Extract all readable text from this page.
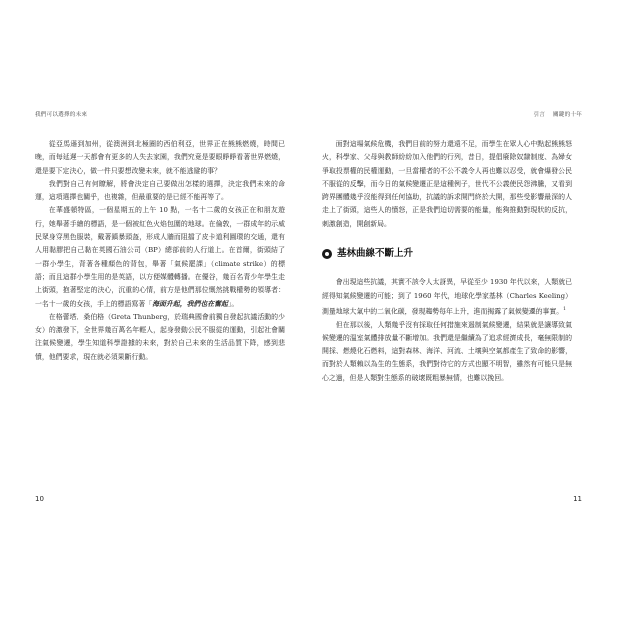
我們可以選擇的未來

從亞馬遜到加州，從澳洲到北極圈的西伯利亞，世界正在熊熊燃燒，時間已晚，而每延遲一天都會有更多的人失去家園，我們究竟是要眼睜睜看著世界燃燒，還是要下定決心，做一件只要想改變未來，就不能逃避的事？

我們對自己有何瞭解，將會決定自己要做出怎樣的選擇，決定我們未來的命運，這項選擇也關乎，也複雜，但最重要的是已經不能再等了。

在華盛頓特區，一個星期五的上午 10 點，一名十二歲的女孩正在和朋友遊行，她舉著手繪的標語，是一個被紅色火焰包圍的地球。在倫敦，一群成年的示威民眾身穿黑色服裝，戴著鎮暴頭盔，形成人牆而阻擋了皮卡道利圓環的交通，還有人用黏膠把自己黏在英國石油公司（BP）總部前的人行道上。在首爾，街頭結了一群小學生，背著各種顏色的背包，舉著「氣候罷課」（climate strike）的標語；而且這群小學生用的是英語，以方便媒體轉播。在優谷，幾百名青少年學生走上街頭，抱著堅定的決心，沉重的心情，前方是他們那位慨然挑戰權勢的領導者：一名十一歲的女孩，手上的標語寫著「海面升起，我們也在奮起」。

在格蕾塔．桑伯格（Greta Thunberg，於瑞典國會前獨自發起抗議活動的少女）的激發下，全世界幾百萬名年輕人，起身發動公民不服從的運動，引起社會關注氣候變遷，學生知道科學證據的未來，對於自己未來的生活品質下降，感到悲憤，他們要求，現在就必須果斷行動。

10
引言 關鍵的十年

面對這場氣候危機，我們目前的努力還遠不足，而學生在眾人心中點起熊熊怒火，科學家、父母與教師紛紛加入他們的行列，昔日，提倡廢除奴隸制度、為婦女爭取投票權的民權運動，一旦當權者的不公不義令人再也難以忍受，就會爆發公民不服從的反擊，而今日的氣候變遷正是這種例子，世代不公義使民怨沸騰，又看到跨界團體幾乎沒能得到任何協助，抗議的訴求開門終於大開，那些受影響最深的人走上了街頭，這些人的憤怒，正是我們迫切需要的能量，能夠推動對現狀的反抗，刺激創造，開創新局。

基林曲線不斷上升

會出現這些抗議，其實不該令人太訝異，早從至少 1930 年代以來，人類就已經得知氣候變遷的可能；到了 1960 年代，地球化學家基林（Charles Keeling）測量地球大氣中的二氧化碳，發現趨勢每年上升，進而揭露了氣候變遷的事實。$^1$

但在那以後，人類幾乎沒有採取任何措施來遏制氣候變遷，結果就是讓導致氣候變遷的溫室氣體排放量不斷增加。我們還是繼續為了追求經濟成長，毫無限制的開採、燃燒化石燃料，這對森林、海洋、河流、土壤與空氣都產生了致命的影響，而對於人類賴以為生的生態系，我們對待它的方式也顯不明智，雖然有可能只是無心之過，但是人類對生態系的破壞既粗暴無情，也難以挽回。

11
